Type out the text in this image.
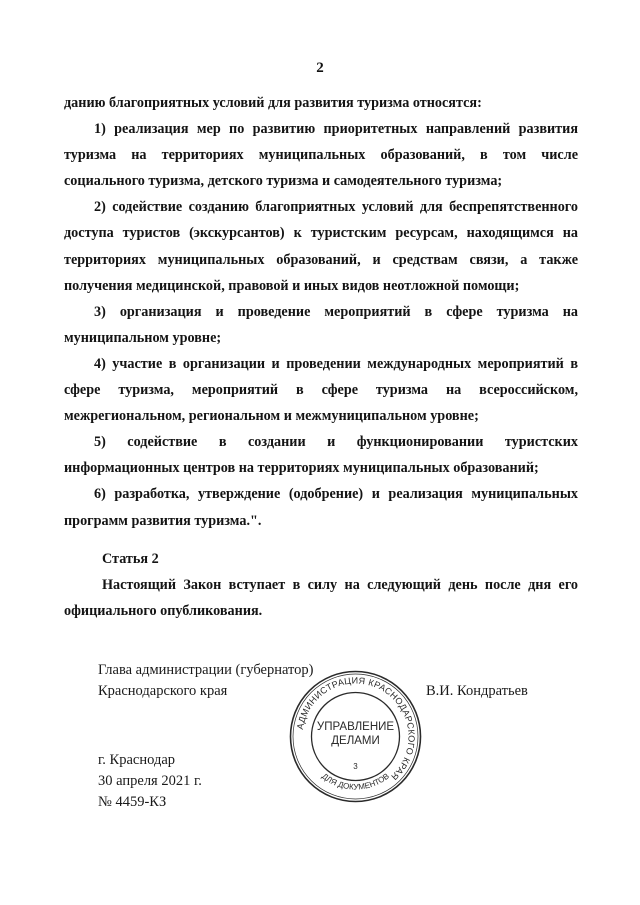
2

данию благоприятных условий для развития туризма относятся:

1) реализация мер по развитию приоритетных направлений развития туризма на территориях муниципальных образований, в том числе социального туризма, детского туризма и самодеятельного туризма;

2) содействие созданию благоприятных условий для беспрепятственного доступа туристов (экскурсантов) к туристским ресурсам, находящимся на территориях муниципальных образований, и средствам связи, а также получения медицинской, правовой и иных видов неотложной помощи;

3) организация и проведение мероприятий в сфере туризма на муниципальном уровне;

4) участие в организации и проведении международных мероприятий в сфере туризма, мероприятий в сфере туризма на всероссийском, межрегиональном, региональном и межмуниципальном уровне;

5) содействие в создании и функционировании туристских информационных центров на территориях муниципальных образований;

6) разработка, утверждение (одобрение) и реализация муниципальных программ развития туризма.".

Статья 2
Настоящий Закон вступает в силу на следующий день после дня его официального опубликования.
Глава администрации (губернатор)
Краснодарского края	В.И. Кондратьев
г. Краснодар
30 апреля 2021 г.
№ 4459-КЗ
АДМИНИСТРАЦИЯ КРАСНОДАРСКОГО КРАЯ
ДЛЯ ДОКУМЕНТОВ
УПРАВЛЕНИЕ
ДЕЛАМИ
3
